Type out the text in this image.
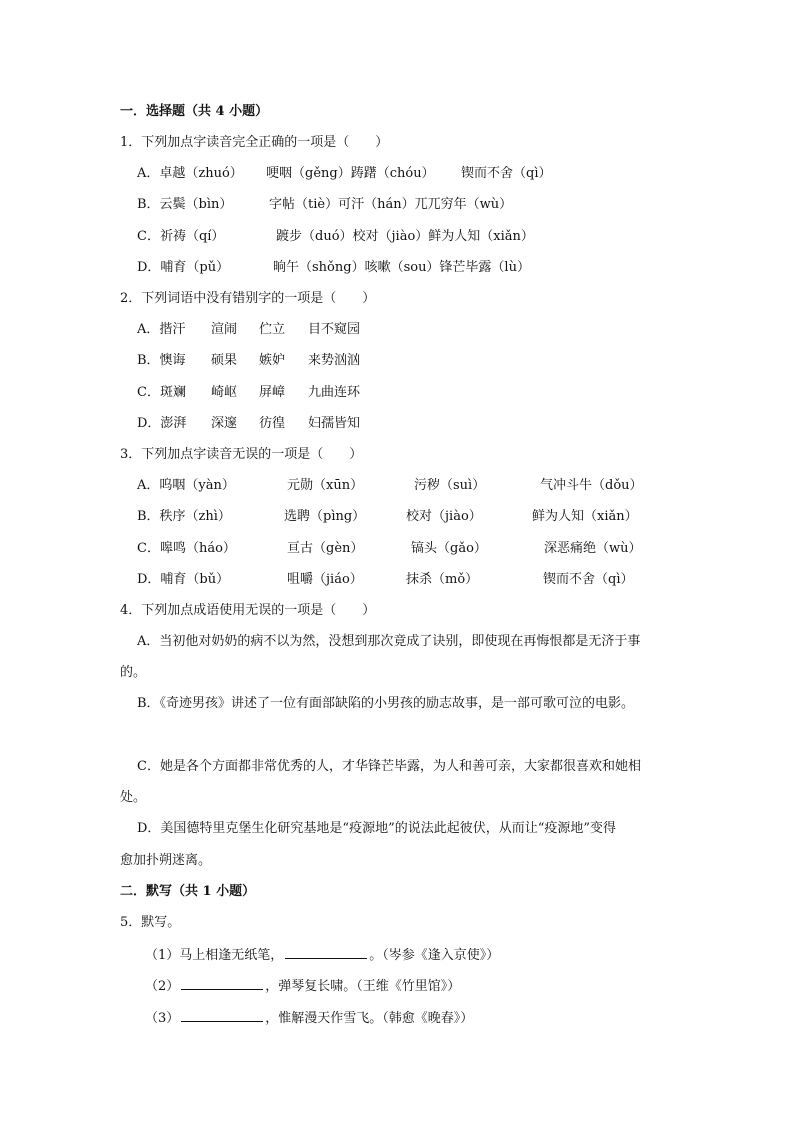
一．选择题（共 4 小题）
1．下列加点字读音完全正确的一项是（　　）
A．卓越（zhuó） 哽咽（gěng）踌躇（chóu） 锲而不舍（qì）
B．云鬓（bìn）	字帖（tiè）可汗（hán）兀兀穷年（wù）
C．祈祷（qí）	踱步（duó）校对（jiào）鲜为人知（xiǎn）
D．哺育（pǔ）	晌午（shǒng）咳嗽（sou）锋芒毕露（lù）
2．下列词语中没有错别字的一项是（　　）
A．揩汗 渲闹 伫立 目不窥园
B．懊诲 硕果 嫉妒 来势汹汹
C．斑斓 崎岖 屏嶂 九曲连环
D．澎湃 深邃 彷徨 妇孺皆知
3．下列加点字读音无误的一项是（　　）
A．呜咽（yàn）	元勋（xūn）	污秽（suì）	气冲斗牛（dǒu）
B．秩序（zhì）	选聘（pìng）	校对（jiào）	鲜为人知（xiǎn）
C．嗥鸣（háo）	亘古（gèn）	镐头（gǎo）	深恶痛绝（wù）
D．哺育（bǔ）	咀嚼（jiáo）	抹杀（mǒ）	锲而不舍（qì）
4．下列加点成语使用无误的一项是（　　）
A．当初他对奶奶的病不以为然，没想到那次竟成了诀别，即使现在再悔恨都是无济于事
的。
B．《奇迹男孩》讲述了一位有面部缺陷的小男孩的励志故事，是一部可歌可泣的电影。
C．她是各个方面都非常优秀的人，才华锋芒毕露，为人和善可亲，大家都很喜欢和她相
处。
D．美国德特里克堡生化研究基地是“疫源地”的说法此起彼伏，从而让“疫源地”变得
愈加扑朔迷离。
二．默写（共 1 小题）
5．默写。
（1）马上相逢无纸笔，	。（岑参《逢入京使》）
（2）	，弹琴复长啸。（王维《竹里馆》）
（3）	，惟解漫天作雪飞。（韩愈《晚春》）
